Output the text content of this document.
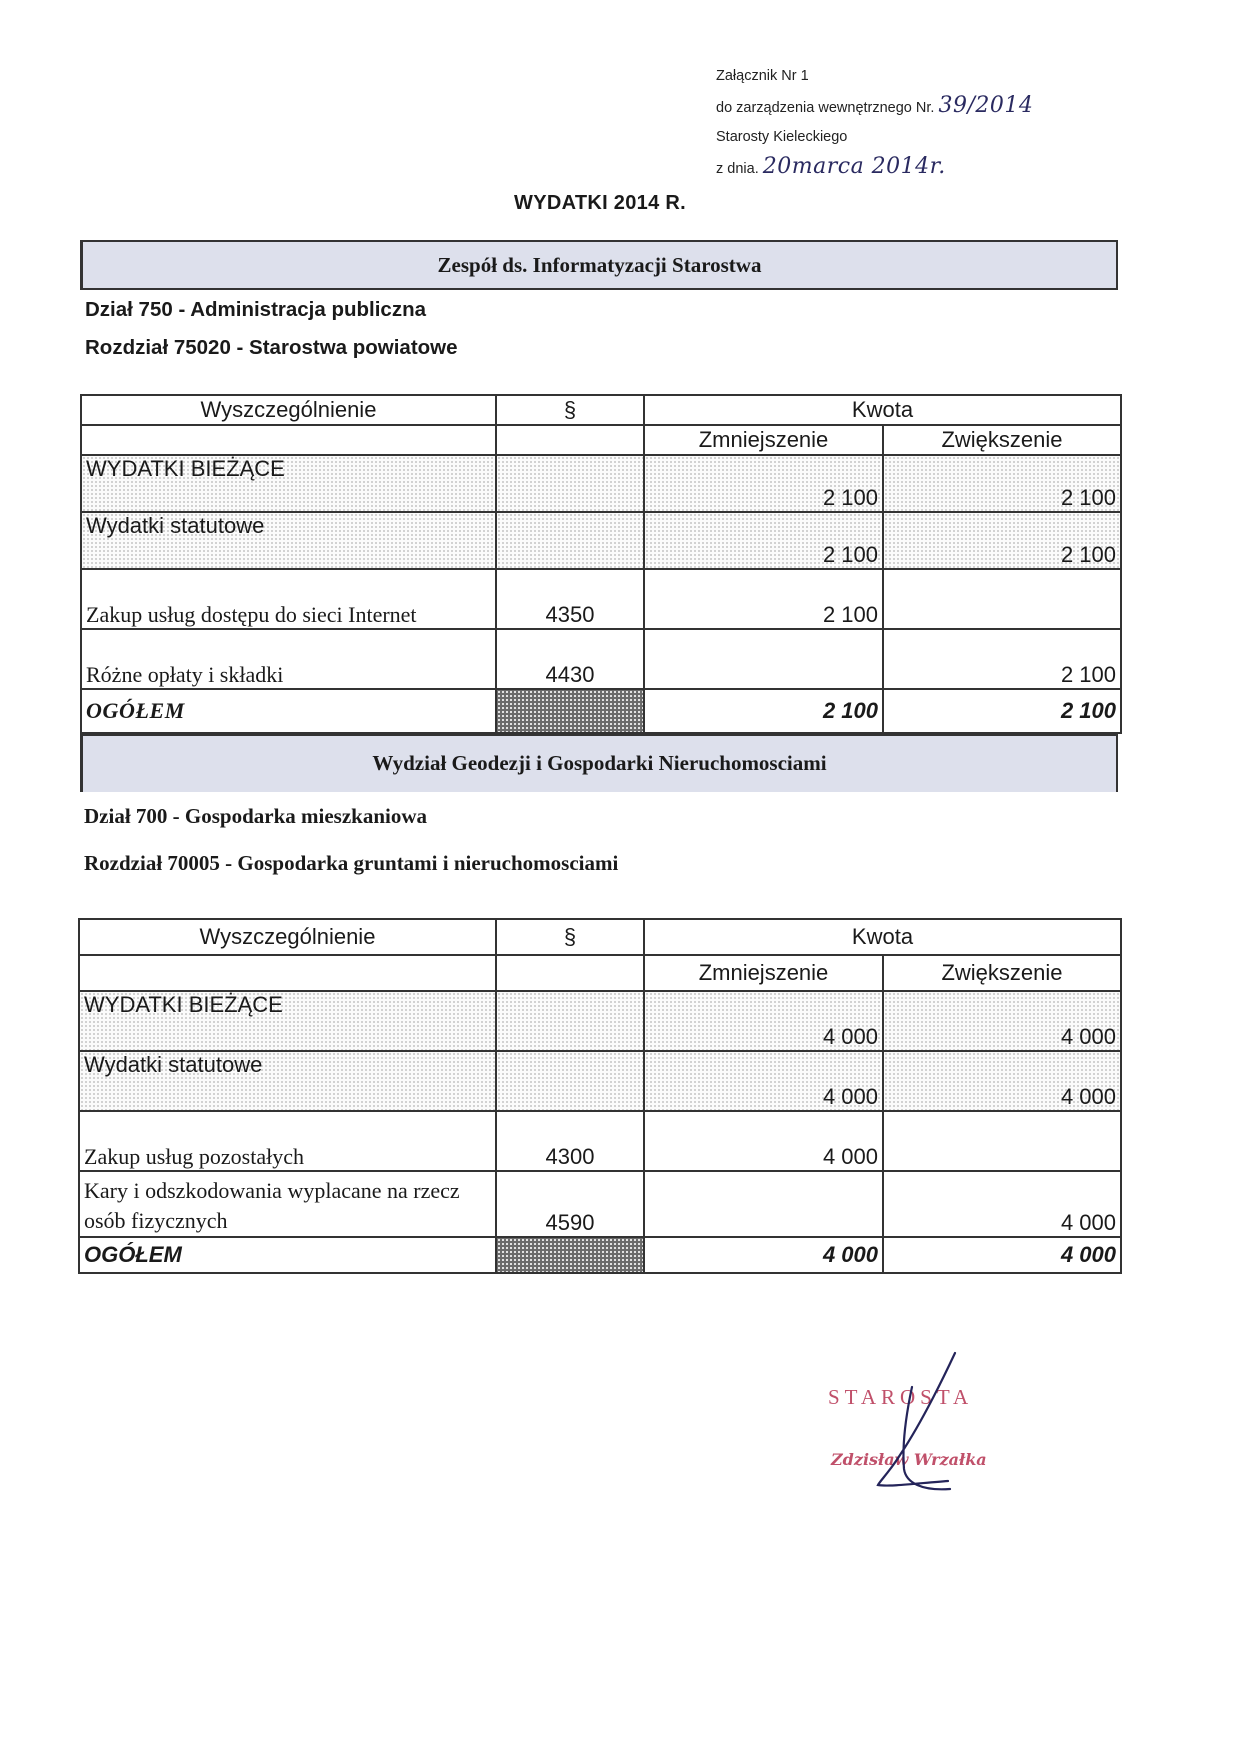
Załącznik Nr 1
do zarządzenia wewnętrznego Nr. 39/2014
Starosty Kieleckiego
z dnia. 20marca 2014r.
WYDATKI 2014 R.
Zespół ds. Informatyzacji Starostwa
Dział 750 - Administracja publiczna
Rozdział 75020 - Starostwa powiatowe
Wyszczególnienie	§	Kwota	
		Zmniejszenie	Zwiększenie
WYDATKI BIEŻĄCE		2 100	2 100
Wydatki statutowe		2 100	2 100
Zakup usług dostępu do sieci Internet	4350	2 100	
Różne opłaty i składki	4430		2 100
OGÓŁEM		2 100	2 100
Wydział Geodezji i Gospodarki Nieruchomosciami
Dział 700 - Gospodarka mieszkaniowa
Rozdział 70005 - Gospodarka gruntami i nieruchomosciami
Wyszczególnienie	§	Kwota	
		Zmniejszenie	Zwiększenie
WYDATKI BIEŻĄCE		4 000	4 000
Wydatki statutowe		4 000	4 000
Zakup usług pozostałych	4300	4 000	
Kary i odszkodowania wyplacane na rzecz osób fizycznych	4590		4 000
OGÓŁEM		4 000	4 000
STAROSTA
Zdzisław Wrzałka
